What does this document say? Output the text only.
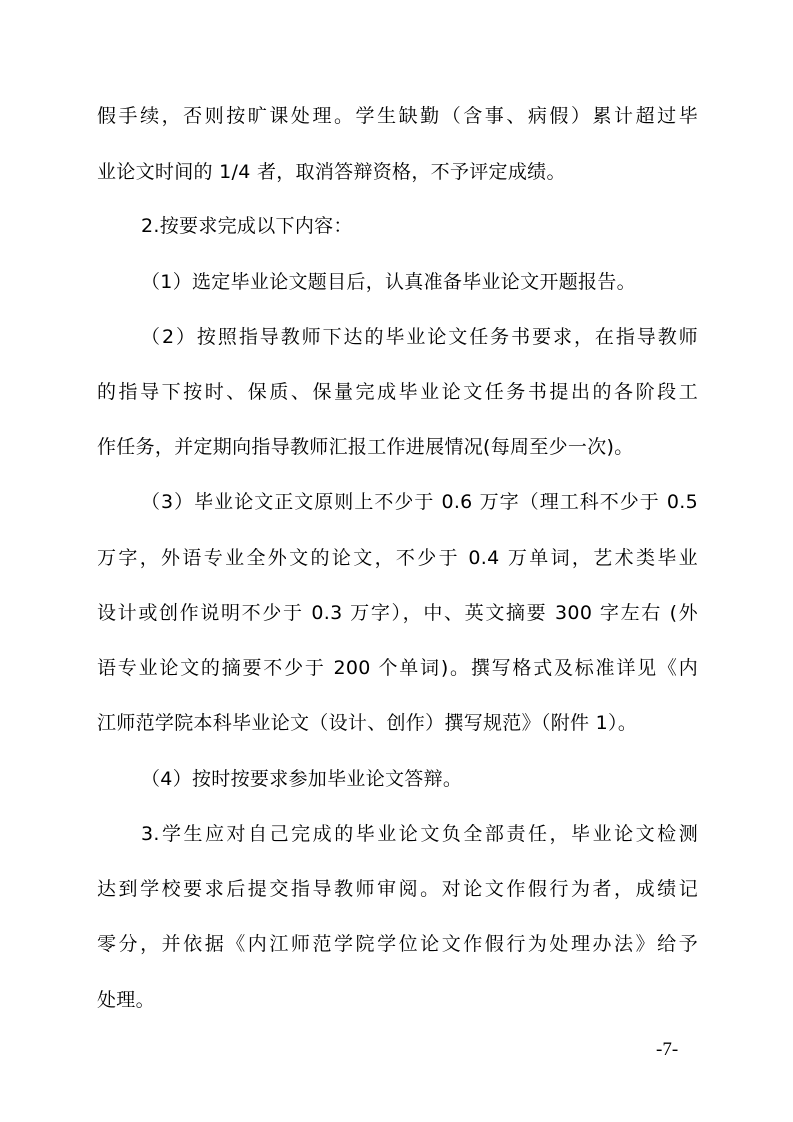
假手续，否则按旷课处理。学生缺勤（含事、病假）累计超过毕
业论文时间的 1/4 者，取消答辩资格，不予评定成绩。
2.按要求完成以下内容：
（1）选定毕业论文题目后，认真准备毕业论文开题报告。
（2）按照指导教师下达的毕业论文任务书要求，在指导教师
的指导下按时、保质、保量完成毕业论文任务书提出的各阶段工
作任务，并定期向指导教师汇报工作进展情况(每周至少一次)。
（3）毕业论文正文原则上不少于 0.6 万字（理工科不少于 0.5
万字，外语专业全外文的论文，不少于 0.4 万单词，艺术类毕业
设计或创作说明不少于 0.3 万字），中、英文摘要 300 字左右 (外
语专业论文的摘要不少于 200 个单词)。撰写格式及标准详见《内
江师范学院本科毕业论文（设计、创作）撰写规范》（附件 1）。
（4）按时按要求参加毕业论文答辩。
3.学生应对自己完成的毕业论文负全部责任，毕业论文检测
达到学校要求后提交指导教师审阅。对论文作假行为者，成绩记
零分，并依据《内江师范学院学位论文作假行为处理办法》给予
处理。
-7-
